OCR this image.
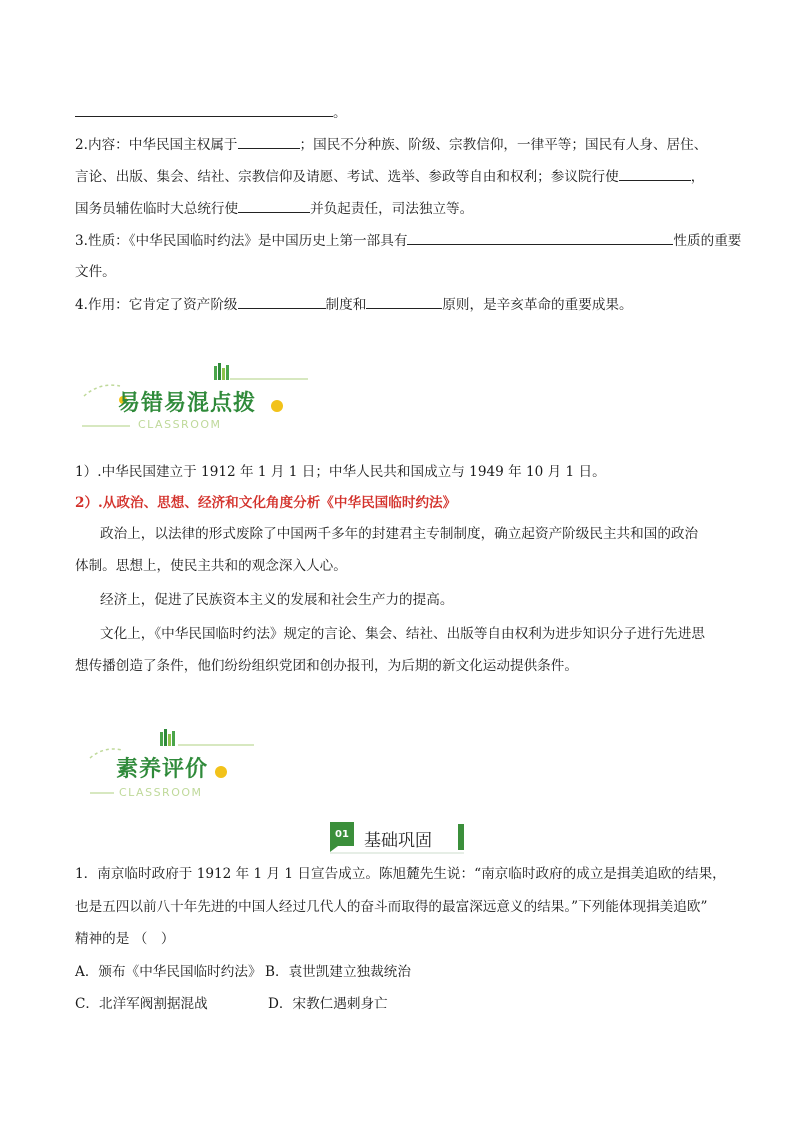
。
2.内容：中华民国主权属于	；国民不分种族、阶级、宗教信仰，一律平等；国民有人身、居住、
言论、出版、集会、结社、宗教信仰及请愿、考试、选举、参政等自由和权利；参议院行使	，
国务员辅佐临时大总统行使	并负起责任，司法独立等。
3.性质：《中华民国临时约法》是中国历史上第一部具有	性质的重要
文件。
4.作用：它肯定了资产阶级	制度和	原则，是辛亥革命的重要成果。
易错易混点拨
CLASSROOM
1）.中华民国建立于 1912 年 1 月 1 日；中华人民共和国成立与 1949 年 10 月 1 日。
2）.从政治、思想、经济和文化角度分析《中华民国临时约法》
政治上，以法律的形式废除了中国两千多年的封建君主专制制度，确立起资产阶级民主共和国的政治
体制。思想上，使民主共和的观念深入人心。
经济上，促进了民族资本主义的发展和社会生产力的提高。
文化上，《中华民国临时约法》规定的言论、集会、结社、出版等自由权利为进步知识分子进行先进思
想传播创造了条件，他们纷纷组织党团和创办报刊，为后期的新文化运动提供条件。
素养评价
CLASSROOM
01 基础巩固
1．南京临时政府于 1912 年 1 月 1 日宣告成立。陈旭麓先生说：“南京临时政府的成立是揖美追欧的结果，
也是五四以前八十年先进的中国人经过几代人的奋斗而取得的最富深远意义的结果。”下列能体现揖美追欧”
精神的是 （　）
A．颁布《中华民国临时约法》 B．袁世凯建立独裁统治
C．北洋军阀割据混战	D．宋教仁遇刺身亡
